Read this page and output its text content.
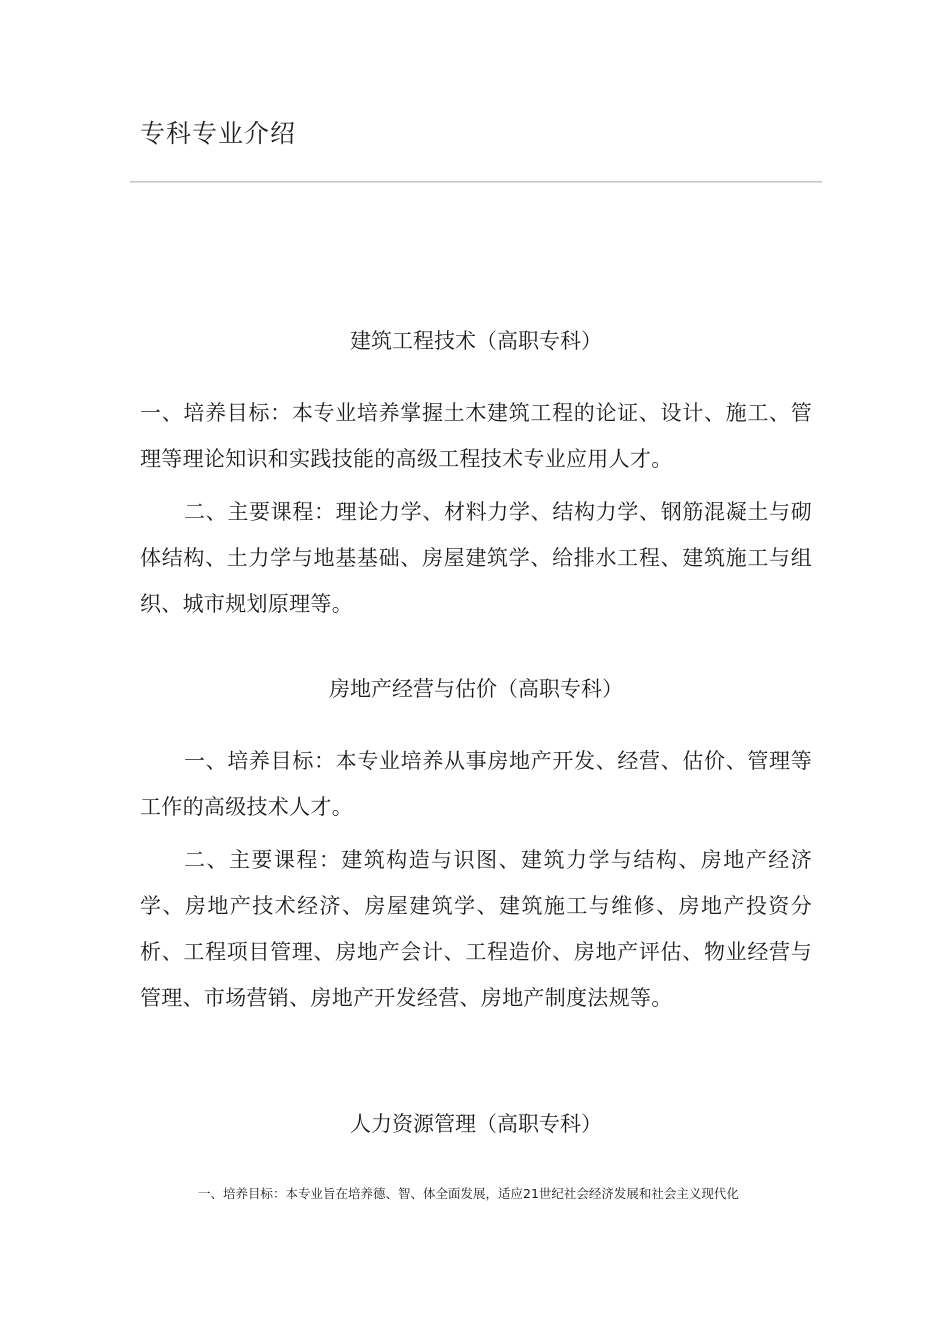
专科专业介绍
建筑工程技术（高职专科）

一、培养目标：本专业培养掌握土木建筑工程的论证、设计、施工、管理等理论知识和实践技能的高级工程技术专业应用人才。

二、主要课程：理论力学、材料力学、结构力学、钢筋混凝土与砌体结构、土力学与地基基础、房屋建筑学、给排水工程、建筑施工与组织、城市规划原理等。

房地产经营与估价（高职专科）

一、培养目标：本专业培养从事房地产开发、经营、估价、管理等工作的高级技术人才。

二、主要课程：建筑构造与识图、建筑力学与结构、房地产经济学、房地产技术经济、房屋建筑学、建筑施工与维修、房地产投资分析、工程项目管理、房地产会计、工程造价、房地产评估、物业经营与管理、市场营销、房地产开发经营、房地产制度法规等。

人力资源管理（高职专科）

一、培养目标：本专业旨在培养德、智、体全面发展，适应21世纪社会经济发展和社会主义现代化
